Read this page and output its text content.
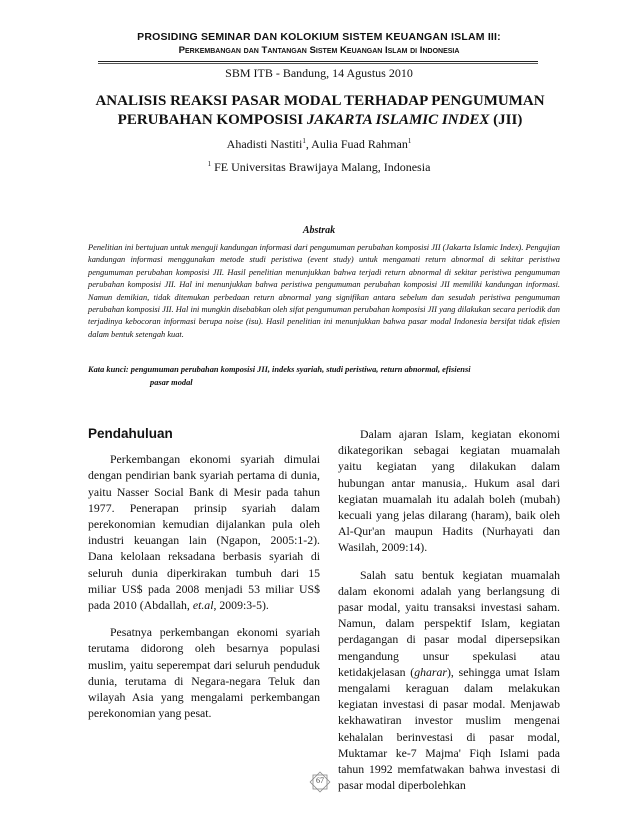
PROSIDING SEMINAR DAN KOLOKIUM SISTEM KEUANGAN ISLAM III:
Perkembangan dan Tantangan Sistem Keuangan Islam di Indonesia
SBM ITB - Bandung, 14 Agustus 2010
ANALISIS REAKSI PASAR MODAL TERHADAP PENGUMUMAN PERUBAHAN KOMPOSISI JAKARTA ISLAMIC INDEX (JII)
Ahadisti Nastiti$^1$, Aulia Fuad Rahman$^1$
$^1$ FE Universitas Brawijaya Malang, Indonesia
Abstrak
Penelitian ini bertujuan untuk menguji kandungan informasi dari pengumuman perubahan komposisi JII (Jakarta Islamic Index). Pengujian kandungan informasi menggunakan metode studi peristiwa (event study) untuk mengamati return abnormal di sekitar peristiwa pengumuman perubahan komposisi JII. Hasil penelitian menunjukkan bahwa terjadi return abnormal di sekitar peristiwa pengumuman perubahan komposisi JII. Hal ini menunjukkan bahwa peristiwa pengumuman perubahan komposisi JII memiliki kandungan informasi. Namun demikian, tidak ditemukan perbedaan return abnormal yang signifikan antara sebelum dan sesudah peristiwa pengumuman perubahan komposisi JII. Hal ini mungkin disebabkan oleh sifat pengumuman perubahan komposisi JII yang dilakukan secara periodik dan terjadinya kebocoran informasi berupa noise (isu). Hasil penelitian ini menunjukkan bahwa pasar modal Indonesia bersifat tidak efisien dalam bentuk setengah kuat.
Kata kunci: pengumuman perubahan komposisi JII, indeks syariah, studi peristiwa, return abnormal, efisiensi
pasar modal
Pendahuluan

Perkembangan ekonomi syariah dimulai dengan pendirian bank syariah pertama di dunia, yaitu Nasser Social Bank di Mesir pada tahun 1977. Penerapan prinsip syariah dalam perekonomian kemudian dijalankan pula oleh industri keuangan lain (Ngapon, 2005:1-2). Dana kelolaan reksadana berbasis syariah di seluruh dunia diperkirakan tumbuh dari 15 miliar US$ pada 2008 menjadi 53 miliar US$ pada 2010 (Abdallah, et.al, 2009:3-5).

Pesatnya perkembangan ekonomi syariah terutama didorong oleh besarnya populasi muslim, yaitu seperempat dari seluruh penduduk dunia, terutama di Negara-negara Teluk dan wilayah Asia yang mengalami perkembangan perekonomian yang pesat.

Dalam ajaran Islam, kegiatan ekonomi dikategorikan sebagai kegiatan muamalah yaitu kegiatan yang dilakukan dalam hubungan antar manusia,. Hukum asal dari kegiatan muamalah itu adalah boleh (mubah) kecuali yang jelas dilarang (haram), baik oleh Al-Qur'an maupun Hadits (Nurhayati dan Wasilah, 2009:14).

Salah satu bentuk kegiatan muamalah dalam ekonomi adalah yang berlangsung di pasar modal, yaitu transaksi investasi saham. Namun, dalam perspektif Islam, kegiatan perdagangan di pasar modal dipersepsikan mengandung unsur spekulasi atau ketidakjelasan (gharar), sehingga umat Islam mengalami keraguan dalam melakukan kegiatan investasi di pasar modal. Menjawab kekhawatiran investor muslim mengenai kehalalan berinvestasi di pasar modal, Muktamar ke-7 Majma' Fiqh Islami pada tahun 1992 memfatwakan bahwa investasi di pasar modal diperbolehkan

67
